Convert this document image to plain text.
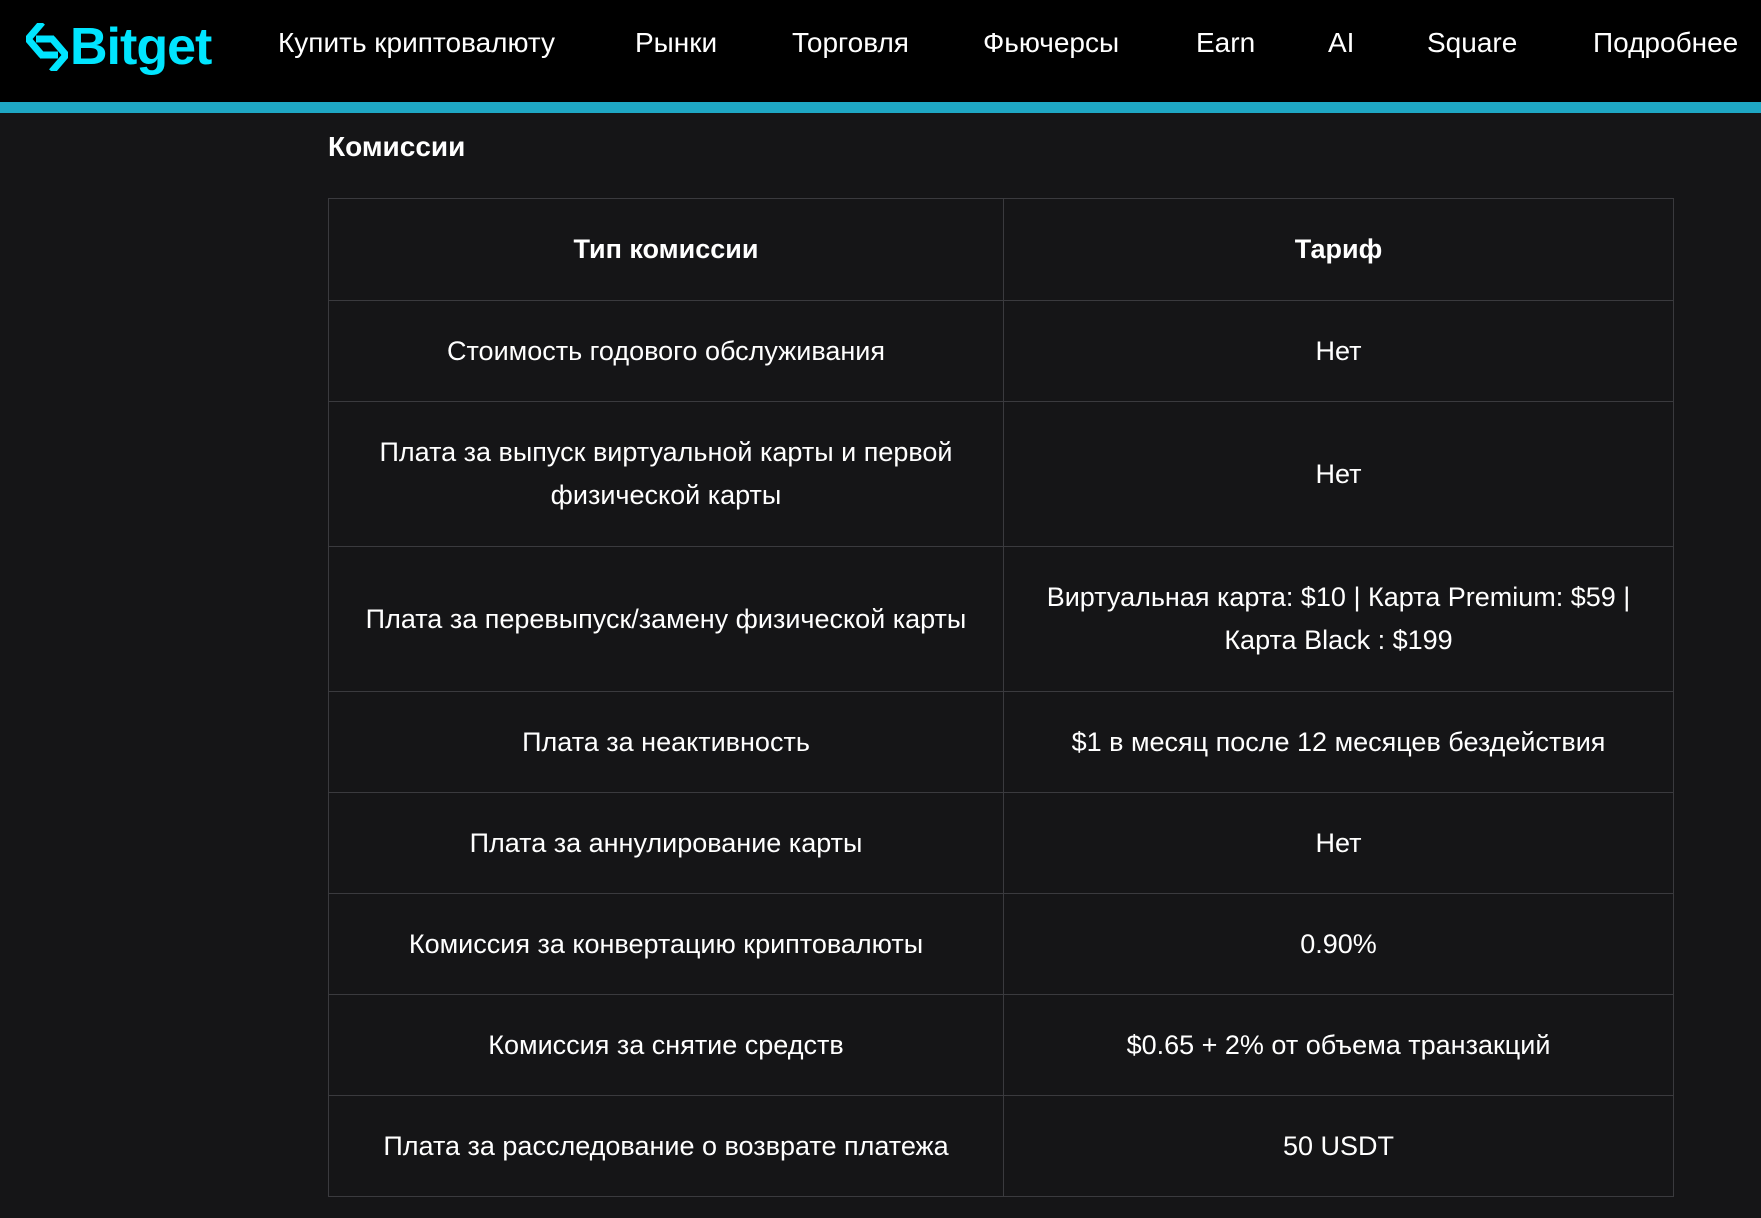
Bitget Купить криптовалюту	Рынки	Торговля	Фьючерсы	Earn	AI	Square	Подробнее
Комиссии
Тип комиссии	Тариф
Стоимость годового обслуживания	Нет
Плата за выпуск виртуальной карты и первой физической карты	Нет
Плата за перевыпуск/замену физической карты	Виртуальная карта: $10 | Карта Premium: $59 | Карта Black : $199
Плата за неактивность	$1 в месяц после 12 месяцев бездействия
Плата за аннулирование карты	Нет
Комиссия за конвертацию криптовалюты	0.90%
Комиссия за снятие средств	$0.65 + 2% от объема транзакций
Плата за расследование о возврате платежа	50 USDT
